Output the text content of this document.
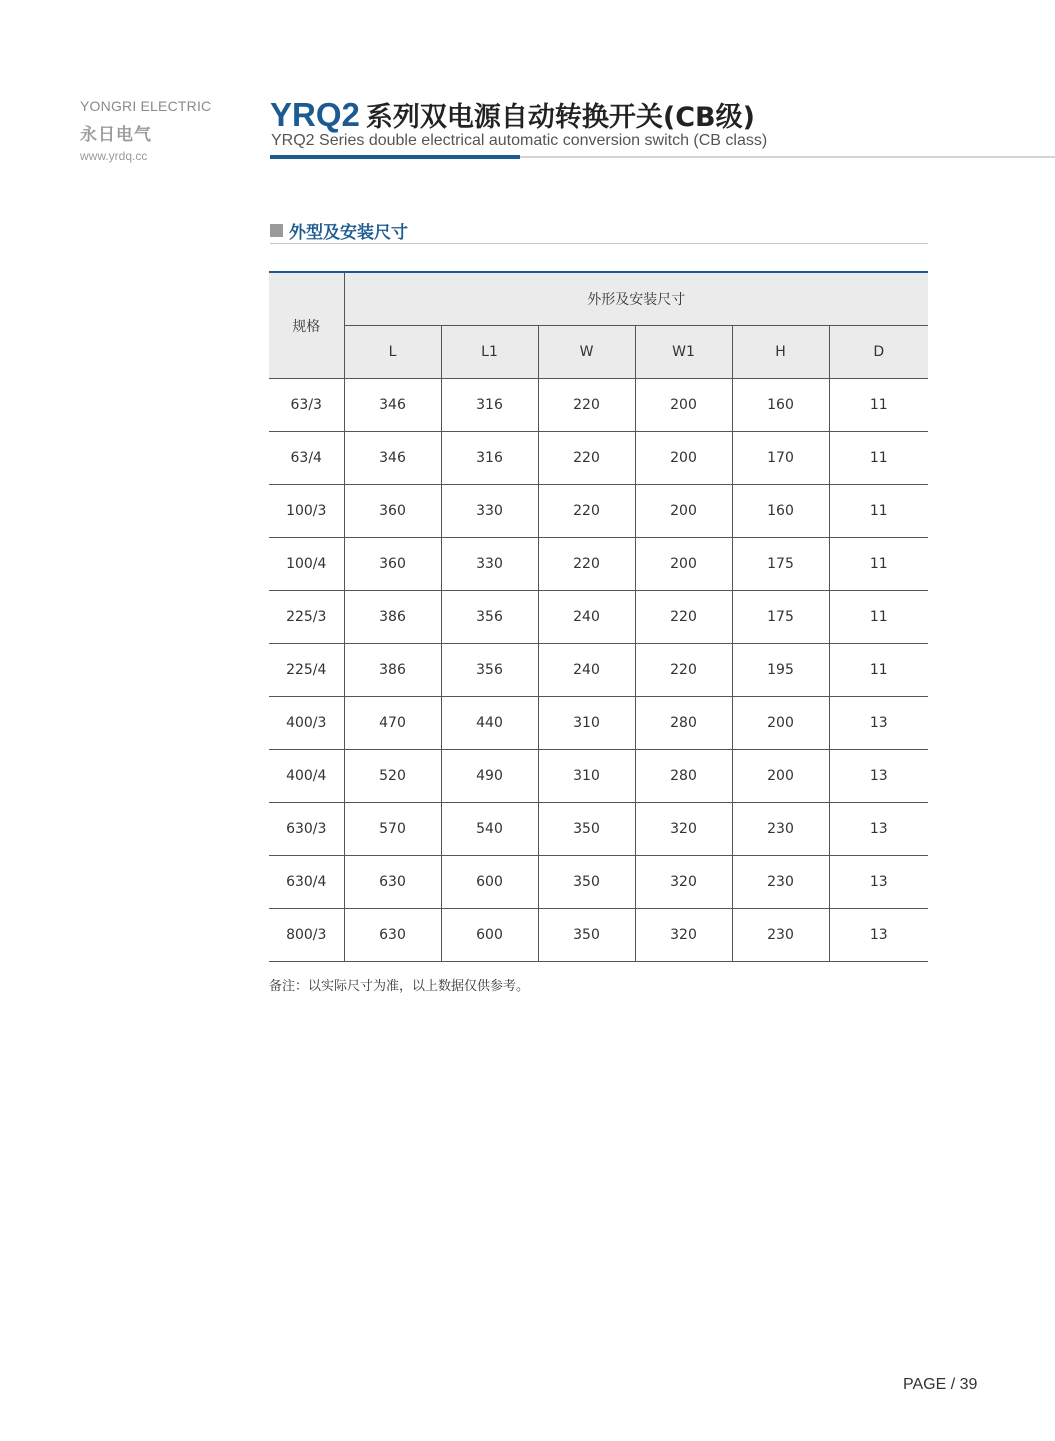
YONGRI ELECTRIC
永日电气
www.yrdq.cc
YRQ2 系列双电源自动转换开关(CB级)
YRQ2 Series double electrical automatic conversion switch (CB class)
外型及安装尺寸
规格	外形及安装尺寸					
	L	L1	W	W1	H	D
63/3	346	316	220	200	160	11
63/4	346	316	220	200	170	11
100/3	360	330	220	200	160	11
100/4	360	330	220	200	175	11
225/3	386	356	240	220	175	11
225/4	386	356	240	220	195	11
400/3	470	440	310	280	200	13
400/4	520	490	310	280	200	13
630/3	570	540	350	320	230	13
630/4	630	600	350	320	230	13
800/3	630	600	350	320	230	13
备注：以实际尺寸为准，以上数据仅供参考。
PAGE / 39
